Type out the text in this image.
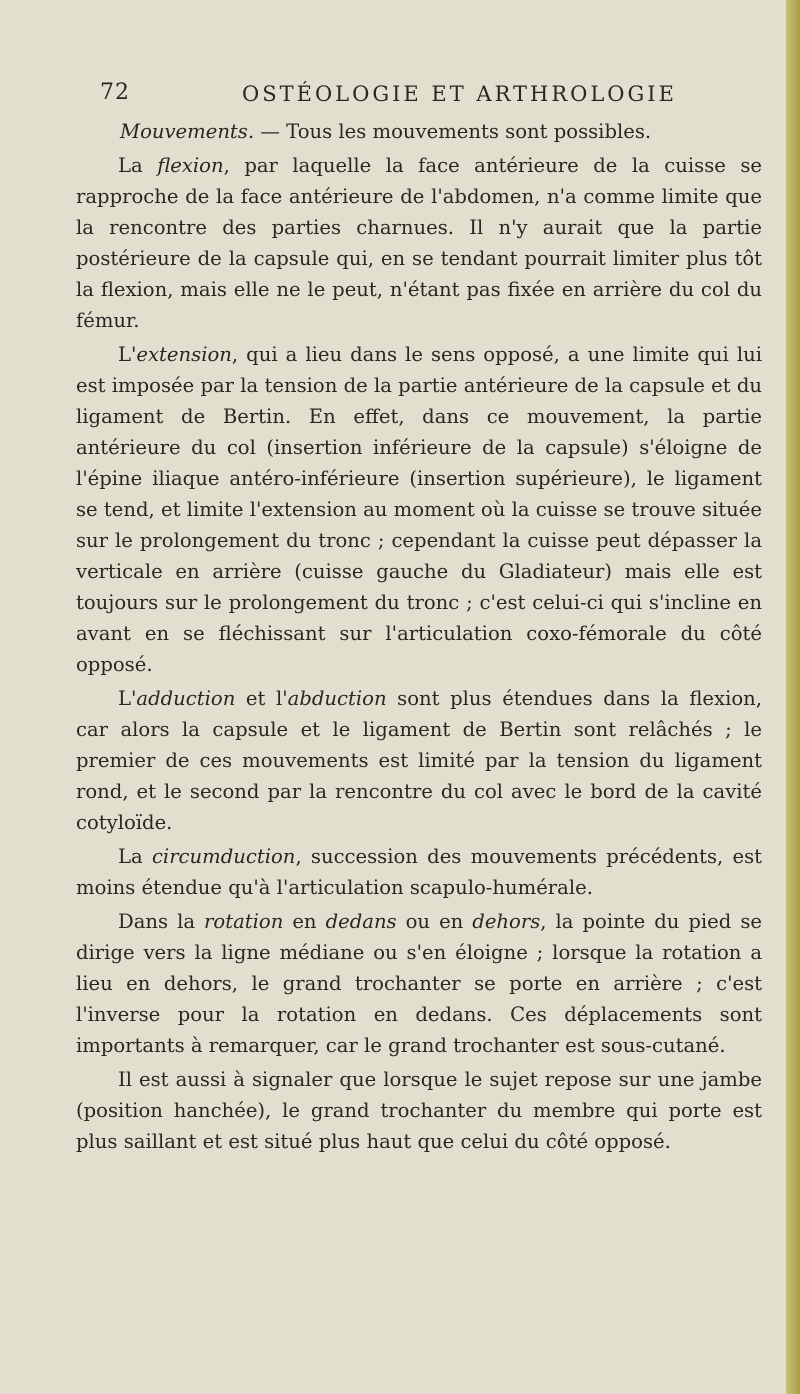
72	OSTÉOLOGIE ET ARTHROLOGIE

Mouvements. — Tous les mouvements sont possibles.

La flexion, par laquelle la face antérieure de la cuisse se rapproche de la face antérieure de l'abdomen, n'a comme limite que la rencontre des parties charnues. Il n'y aurait que la partie postérieure de la capsule qui, en se tendant pourrait limiter plus tôt la flexion, mais elle ne le peut, n'étant pas fixée en arrière du col du fémur.

L'extension, qui a lieu dans le sens opposé, a une limite qui lui est imposée par la tension de la partie antérieure de la capsule et du ligament de Bertin. En effet, dans ce mouvement, la partie antérieure du col (insertion inférieure de la capsule) s'éloigne de l'épine iliaque antéro-inférieure (insertion supérieure), le ligament se tend, et limite l'extension au moment où la cuisse se trouve située sur le prolongement du tronc ; cependant la cuisse peut dépasser la verticale en arrière (cuisse gauche du Gladiateur) mais elle est toujours sur le prolongement du tronc ; c'est celui-ci qui s'incline en avant en se fléchissant sur l'articulation coxo-fémorale du côté opposé.

L'adduction et l'abduction sont plus étendues dans la flexion, car alors la capsule et le ligament de Bertin sont relâchés ; le premier de ces mouvements est limité par la tension du ligament rond, et le second par la rencontre du col avec le bord de la cavité cotyloïde.

La circumduction, succession des mouvements précédents, est moins étendue qu'à l'articulation scapulo-humérale.

Dans la rotation en dedans ou en dehors, la pointe du pied se dirige vers la ligne médiane ou s'en éloigne ; lorsque la rotation a lieu en dehors, le grand trochanter se porte en arrière ; c'est l'inverse pour la rotation en dedans. Ces déplacements sont importants à remarquer, car le grand trochanter est sous-cutané.

Il est aussi à signaler que lorsque le sujet repose sur une jambe (position hanchée), le grand trochanter du membre qui porte est plus saillant et est situé plus haut que celui du côté opposé.
